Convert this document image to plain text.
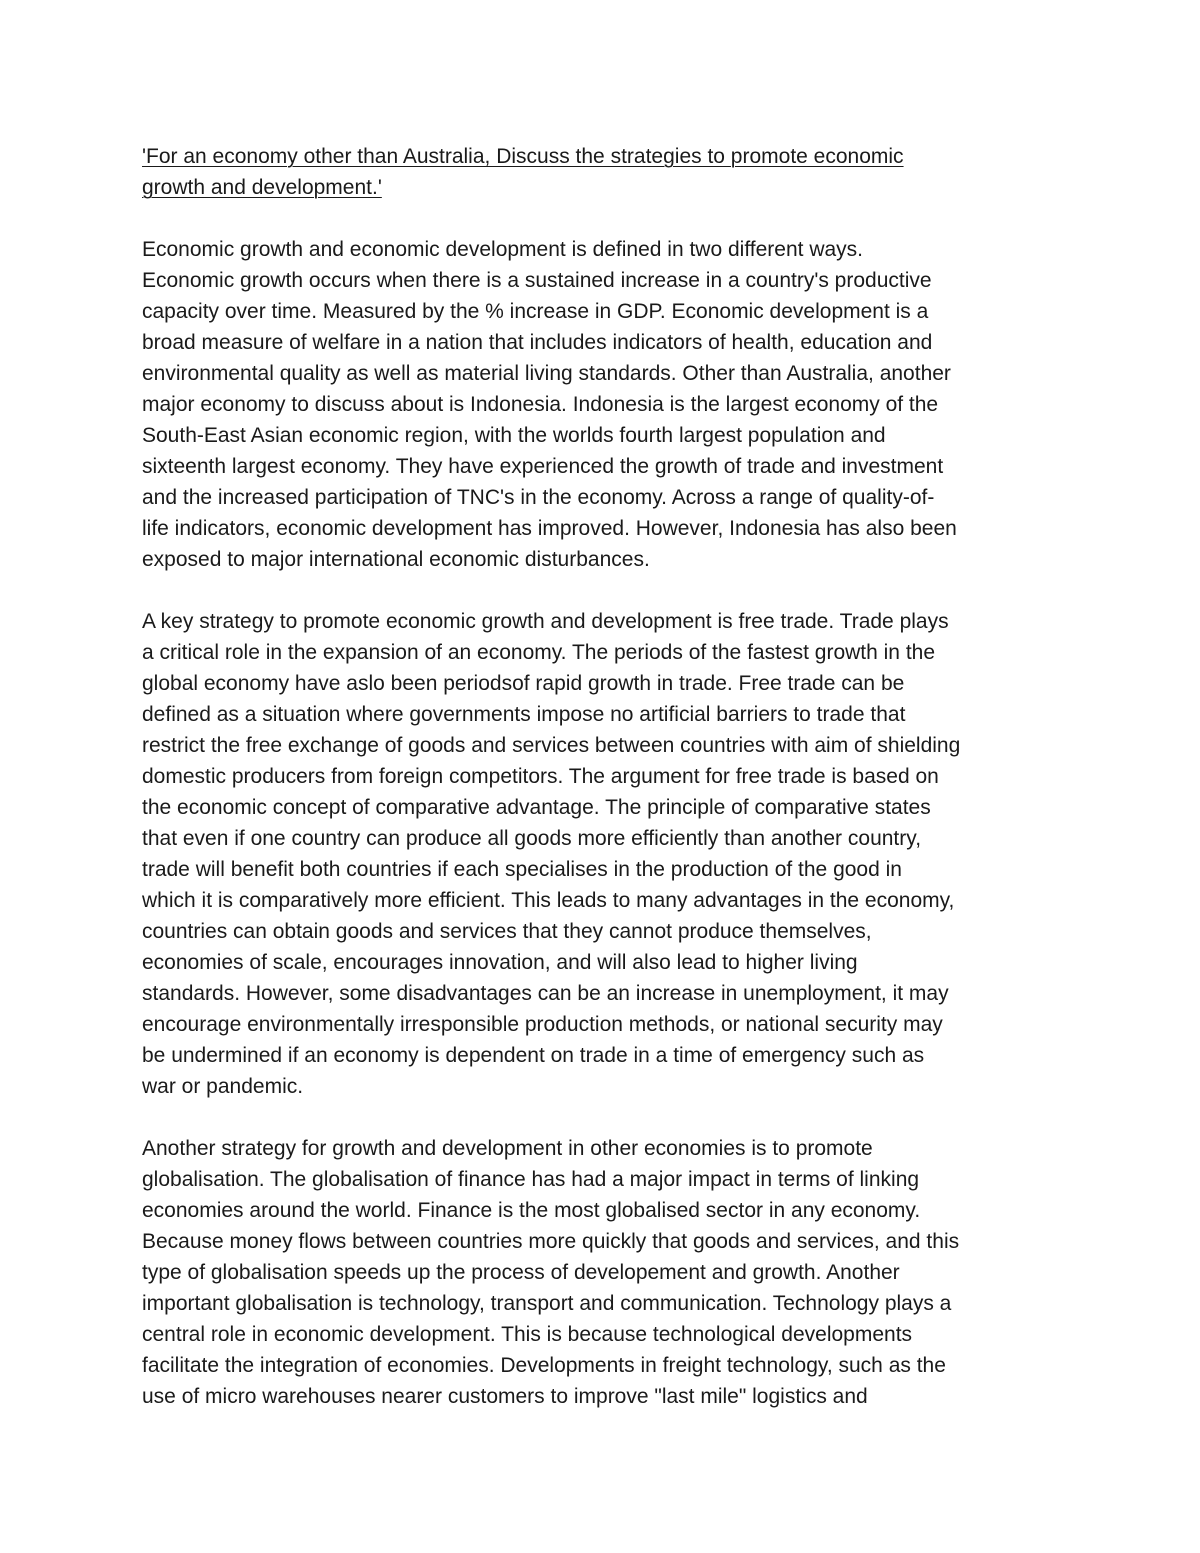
'For an economy other than Australia, Discuss the strategies to promote economic
growth and development.'

Economic growth and economic development is defined in two different ways.
Economic growth occurs when there is a sustained increase in a country's productive
capacity over time. Measured by the % increase in GDP. Economic development is a
broad measure of welfare in a nation that includes indicators of health, education and
environmental quality as well as material living standards. Other than Australia, another
major economy to discuss about is Indonesia. Indonesia is the largest economy of the
South-East Asian economic region, with the worlds fourth largest population and
sixteenth largest economy. They have experienced the growth of trade and investment
and the increased participation of TNC's in the economy. Across a range of quality-of-
life indicators, economic development has improved. However, Indonesia has also been
exposed to major international economic disturbances.

A key strategy to promote economic growth and development is free trade. Trade plays
a critical role in the expansion of an economy. The periods of the fastest growth in the
global economy have aslo been periodsof rapid growth in trade. Free trade can be
defined as a situation where governments impose no artificial barriers to trade that
restrict the free exchange of goods and services between countries with aim of shielding
domestic producers from foreign competitors. The argument for free trade is based on
the economic concept of comparative advantage. The principle of comparative states
that even if one country can produce all goods more efficiently than another country,
trade will benefit both countries if each specialises in the production of the good in
which it is comparatively more efficient. This leads to many advantages in the economy,
countries can obtain goods and services that they cannot produce themselves,
economies of scale, encourages innovation, and will also lead to higher living
standards. However, some disadvantages can be an increase in unemployment, it may
encourage environmentally irresponsible production methods, or national security may
be undermined if an economy is dependent on trade in a time of emergency such as
war or pandemic.

Another strategy for growth and development in other economies is to promote
globalisation. The globalisation of finance has had a major impact in terms of linking
economies around the world. Finance is the most globalised sector in any economy.
Because money flows between countries more quickly that goods and services, and this
type of globalisation speeds up the process of developement and growth. Another
important globalisation is technology, transport and communication. Technology plays a
central role in economic development. This is because technological developments
facilitate the integration of economies. Developments in freight technology, such as the
use of micro warehouses nearer customers to improve "last mile" logistics and
